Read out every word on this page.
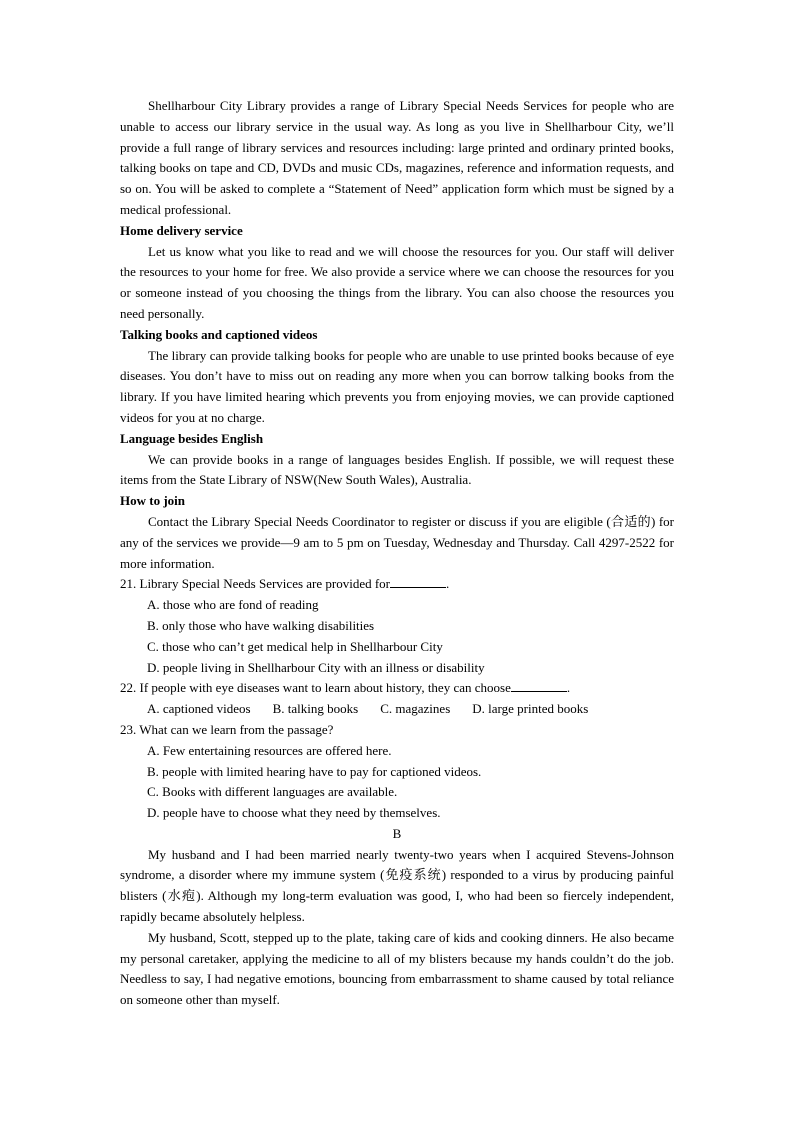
Shellharbour City Library provides a range of Library Special Needs Services for people who are unable to access our library service in the usual way. As long as you live in Shellharbour City, we’ll provide a full range of library services and resources including: large printed and ordinary printed books, talking books on tape and CD, DVDs and music CDs, magazines, reference and information requests, and so on. You will be asked to complete a “Statement of Need” application form which must be signed by a medical professional.

Home delivery service

Let us know what you like to read and we will choose the resources for you. Our staff will deliver the resources to your home for free. We also provide a service where we can choose the resources for you or someone instead of you choosing the things from the library. You can also choose the resources you need personally.

Talking books and captioned videos

The library can provide talking books for people who are unable to use printed books because of eye diseases. You don’t have to miss out on reading any more when you can borrow talking books from the library. If you have limited hearing which prevents you from enjoying movies, we can provide captioned videos for you at no charge.

Language besides English

We can provide books in a range of languages besides English. If possible, we will request these items from the State Library of NSW(New South Wales), Australia.

How to join

Contact the Library Special Needs Coordinator to register or discuss if you are eligible (合适的) for any of the services we provide—9 am to 5 pm on Tuesday, Wednesday and Thursday. Call 4297-2522 for more information.

21. Library Special Needs Services are provided for	.

A. those who are fond of reading

B. only those who have walking disabilities

C. those who can’t get medical help in Shellharbour City

D. people living in Shellharbour City with an illness or disability

22. If people with eye diseases want to learn about history, they can choose	.

A. captioned videos B. talking books C. magazines D. large printed books

23. What can we learn from the passage?

A. Few entertaining resources are offered here.

B. people with limited hearing have to pay for captioned videos.

C. Books with different languages are available.

D. people have to choose what they need by themselves.

B

My husband and I had been married nearly twenty-two years when I acquired Stevens-Johnson syndrome, a disorder where my immune system (免疫系统) responded to a virus by producing painful blisters (水疱). Although my long-term evaluation was good, I, who had been so fiercely independent, rapidly became absolutely helpless.

My husband, Scott, stepped up to the plate, taking care of kids and cooking dinners. He also became my personal caretaker, applying the medicine to all of my blisters because my hands couldn’t do the job. Needless to say, I had negative emotions, bouncing from embarrassment to shame caused by total reliance on someone other than myself.
